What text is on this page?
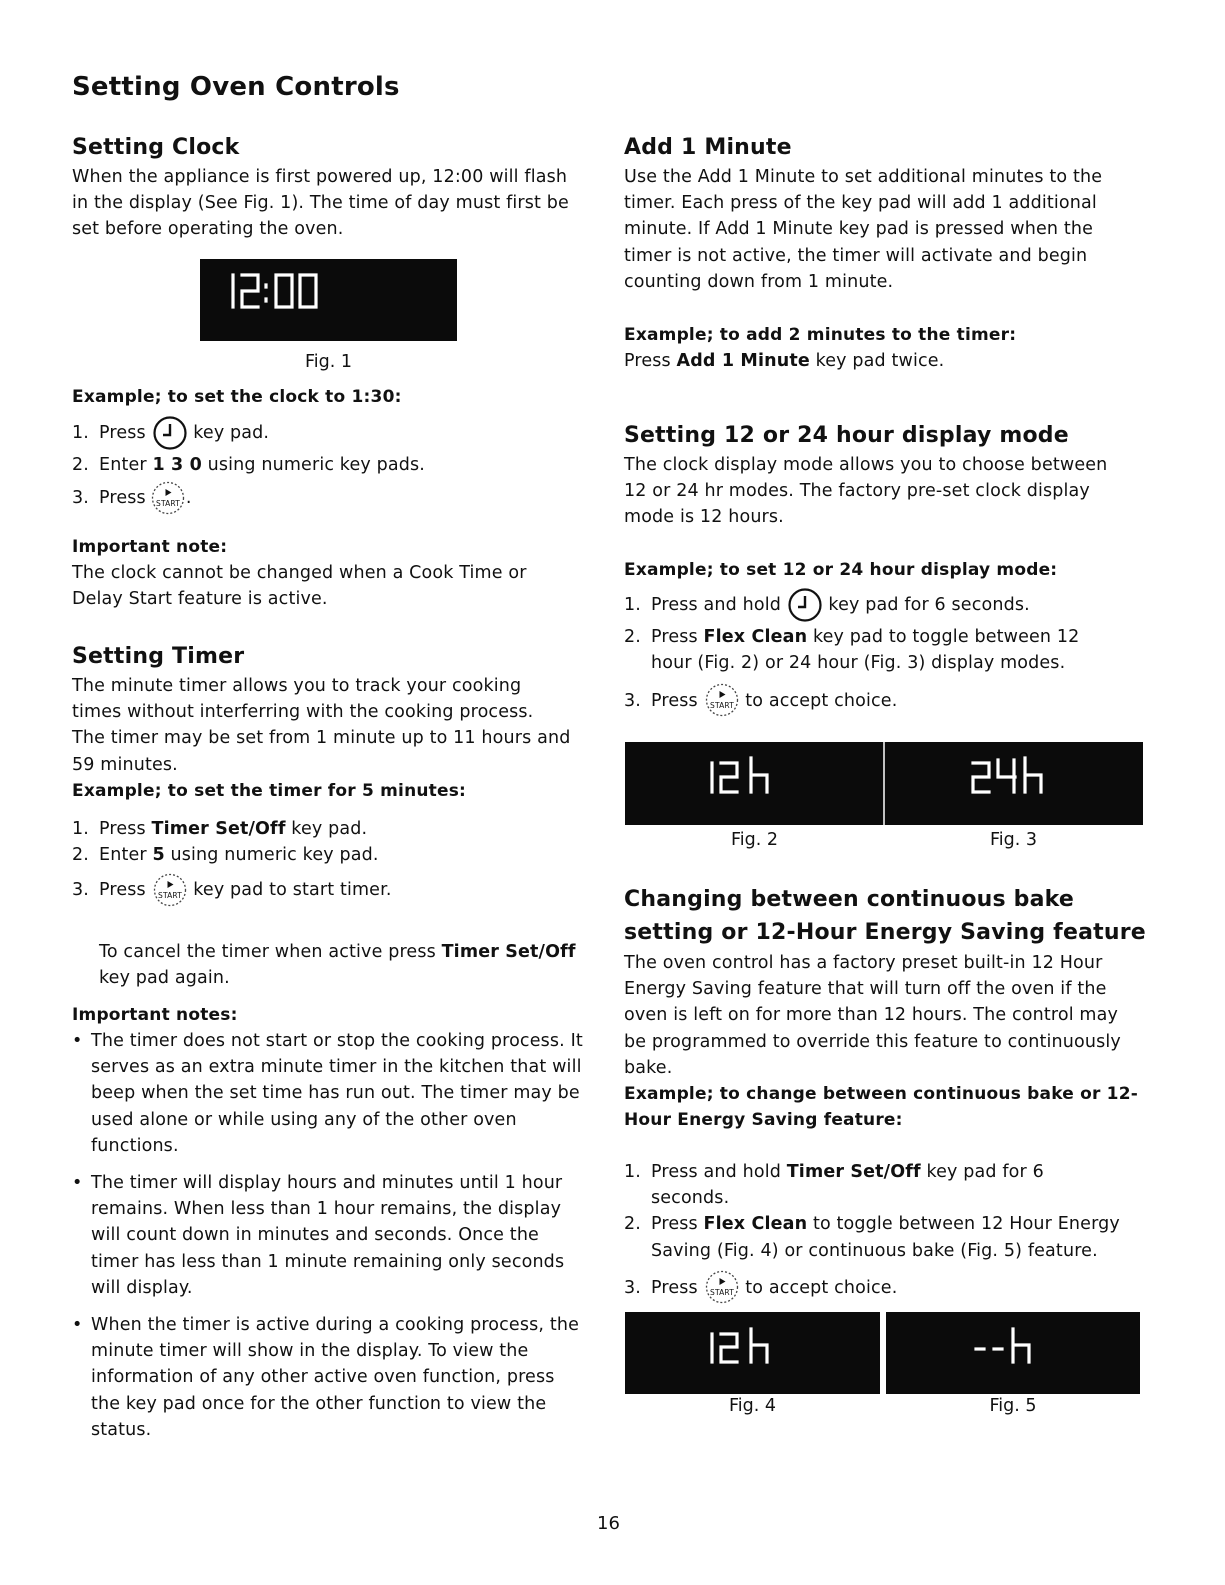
Setting Oven Controls
Setting Clock
When the appliance is first powered up, 12:00 will flash in the display (See Fig. 1). The time of day must first be set before operating the oven.
Fig. 1
Example; to set the clock to 1:30:
1. Press	key pad.
2. Enter 1 3 0 using numeric key pads.
3. Press .
Important note:
The clock cannot be changed when a Cook Time or Delay Start feature is active.
Setting Timer
The minute timer allows you to track your cooking times without interferring with the cooking process. The timer may be set from 1 minute up to 11 hours and 59 minutes.
Example; to set the timer for 5 minutes:
1. Press Timer Set/Off key pad.
2. Enter 5 using numeric key pad.
3. Press	key pad to start timer.
To cancel the timer when active press Timer Set/Off key pad again.
Important notes:
• The timer does not start or stop the cooking process. It serves as an extra minute timer in the kitchen that will beep when the set time has run out. The timer may be used alone or while using any of the other oven functions.
• The timer will display hours and minutes until 1 hour remains. When less than 1 hour remains, the display will count down in minutes and seconds. Once the timer has less than 1 minute remaining only seconds will display.
• When the timer is active during a cooking process, the minute timer will show in the display. To view the information of any other active oven function, press the key pad once for the other function to view the status.
Add 1 Minute
Use the Add 1 Minute to set additional minutes to the timer. Each press of the key pad will add 1 additional minute. If Add 1 Minute key pad is pressed when the timer is not active, the timer will activate and begin counting down from 1 minute.
Example; to add 2 minutes to the timer:
Press Add 1 Minute key pad twice.
Setting 12 or 24 hour display mode
The clock display mode allows you to choose between 12 or 24 hr modes. The factory pre-set clock display mode is 12 hours.
Example; to set 12 or 24 hour display mode:
1. Press and hold	key pad for 6 seconds.
2. Press Flex Clean key pad to toggle between 12 hour (Fig. 2) or 24 hour (Fig. 3) display modes.
3. Press	to accept choice.
Fig. 2	Fig. 3
Changing between continuous bake setting or 12-Hour Energy Saving feature
The oven control has a factory preset built-in 12 Hour Energy Saving feature that will turn off the oven if the oven is left on for more than 12 hours. The control may be programmed to override this feature to continuously bake.
Example; to change between continuous bake or 12-Hour Energy Saving feature:
1. Press and hold Timer Set/Off key pad for 6 seconds.
2. Press Flex Clean to toggle between 12 Hour Energy Saving (Fig. 4) or continuous bake (Fig. 5) feature.
3. Press	to accept choice.
Fig. 4	Fig. 5
16
